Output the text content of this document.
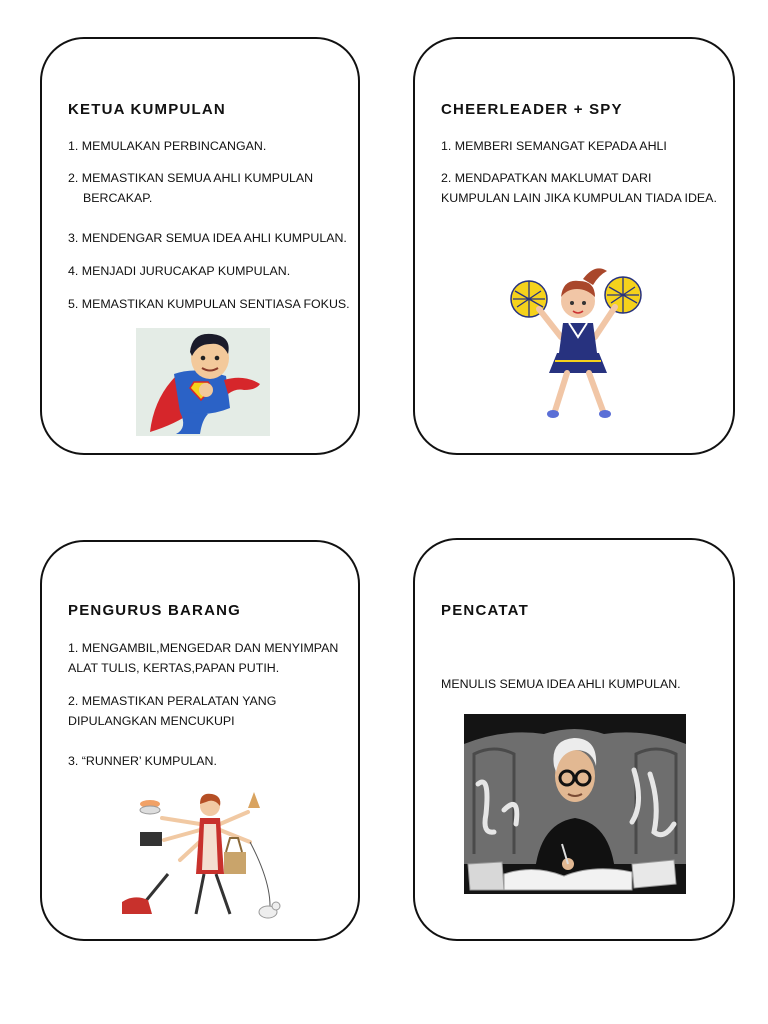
KETUA KUMPULAN
1. MEMULAKAN PERBINCANGAN.
2. MEMASTIKAN SEMUA AHLI KUMPULAN
BERCAKAP.
3. MENDENGAR SEMUA IDEA AHLI KUMPULAN.
4. MENJADI JURUCAKAP KUMPULAN.
5. MEMASTIKAN KUMPULAN SENTIASA FOKUS.
CHEERLEADER + SPY
1. MEMBERI SEMANGAT KEPADA AHLI
2. MENDAPATKAN MAKLUMAT DARI
KUMPULAN LAIN JIKA KUMPULAN TIADA IDEA.
PENGURUS BARANG
1. MENGAMBIL,MENGEDAR DAN MENYIMPAN
ALAT TULIS, KERTAS,PAPAN PUTIH.
2. MEMASTIKAN PERALATAN YANG
DIPULANGKAN MENCUKUPI
3. “RUNNER’ KUMPULAN.
PENCATAT
MENULIS SEMUA IDEA AHLI KUMPULAN.
